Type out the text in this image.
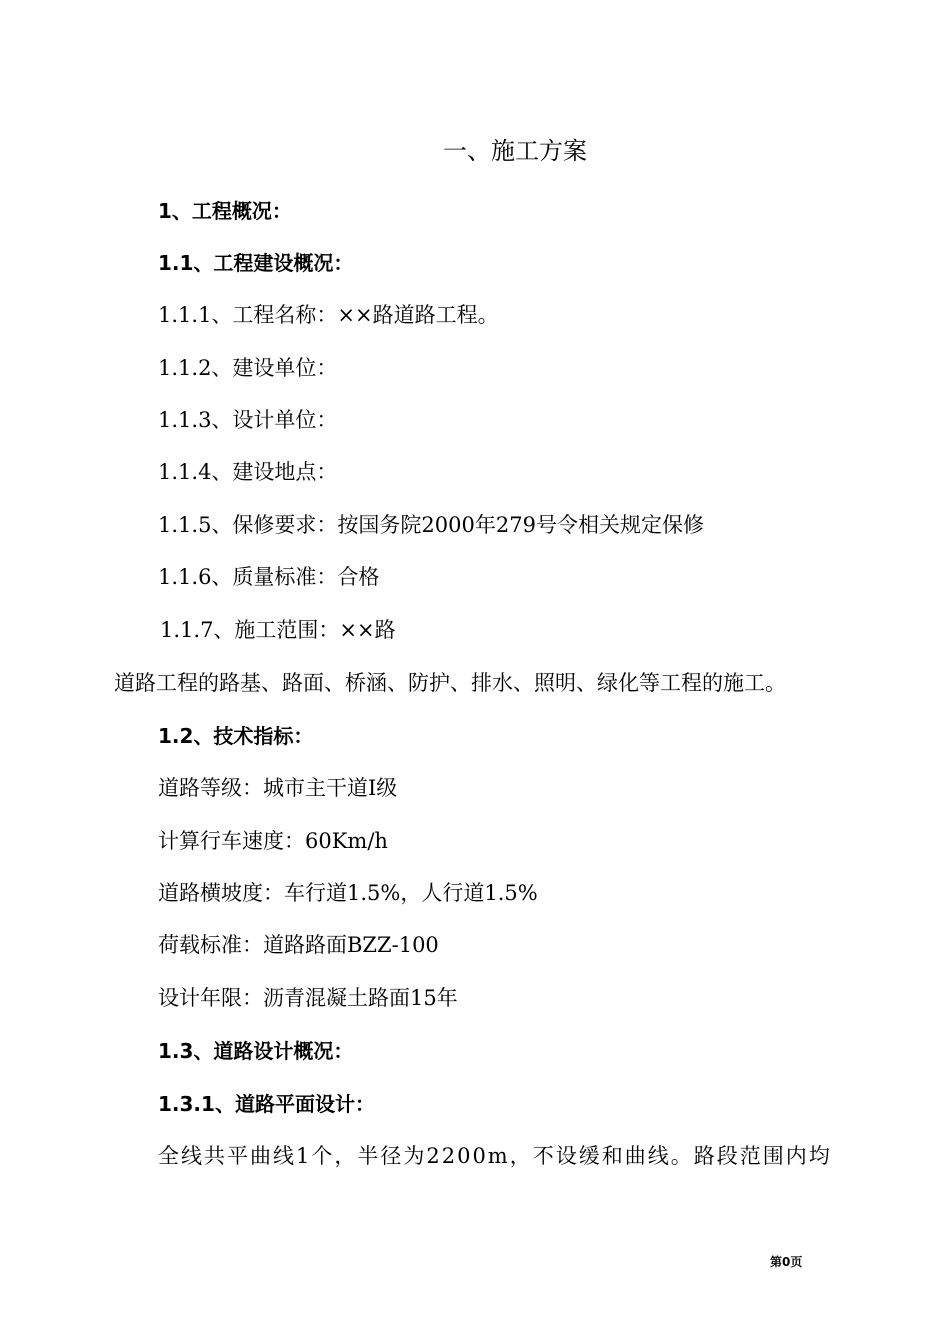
一、施工方案
1、工程概况：
1.1、工程建设概况：
1.1.1、工程名称：××路道路工程。
1.1.2、建设单位：
1.1.3、设计单位：
1.1.4、建设地点：
1.1.5、保修要求：按国务院2000年279号令相关规定保修
1.1.6、质量标准：合格
1.1.7、施工范围：××路
道路工程的路基、路面、桥涵、防护、排水、照明、绿化等工程的施工。
1.2、技术指标：
道路等级：城市主干道Ⅰ级
计算行车速度：60Km/h
道路横坡度：车行道1.5%，人行道1.5%
荷载标准：道路路面BZZ-100
设计年限：沥青混凝土路面15年
1.3、道路设计概况：
1.3.1、道路平面设计：
全线共平曲线1个，半径为2200m，不设缓和曲线。路段范围内均
第0页
